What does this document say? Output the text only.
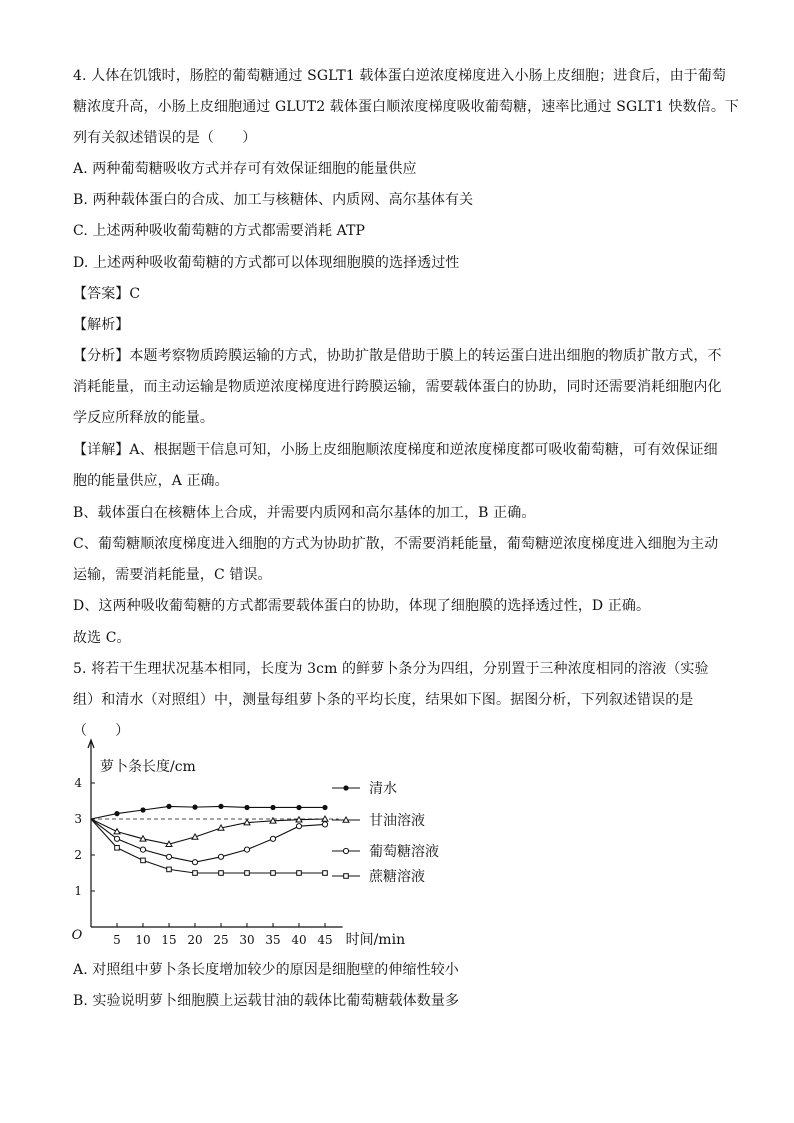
4. 人体在饥饿时，肠腔的葡萄糖通过 SGLT1 载体蛋白逆浓度梯度进入小肠上皮细胞；进食后，由于葡萄
糖浓度升高，小肠上皮细胞通过 GLUT2 载体蛋白顺浓度梯度吸收葡萄糖，速率比通过 SGLT1 快数倍。下
列有关叙述错误的是（　　）
A. 两种葡萄糖吸收方式并存可有效保证细胞的能量供应
B. 两种载体蛋白的合成、加工与核糖体、内质网、高尔基体有关
C. 上述两种吸收葡萄糖的方式都需要消耗 ATP
D. 上述两种吸收葡萄糖的方式都可以体现细胞膜的选择透过性
【答案】C
【解析】
【分析】本题考察物质跨膜运输的方式，协助扩散是借助于膜上的转运蛋白进出细胞的物质扩散方式，不
消耗能量，而主动运输是物质逆浓度梯度进行跨膜运输，需要载体蛋白的协助，同时还需要消耗细胞内化
学反应所释放的能量。
【详解】A、根据题干信息可知，小肠上皮细胞顺浓度梯度和逆浓度梯度都可吸收葡萄糖，可有效保证细
胞的能量供应，A 正确。
B、载体蛋白在核糖体上合成，并需要内质网和高尔基体的加工，B 正确。
C、葡萄糖顺浓度梯度进入细胞的方式为协助扩散，不需要消耗能量，葡萄糖逆浓度梯度进入细胞为主动
运输，需要消耗能量，C 错误。
D、这两种吸收葡萄糖的方式都需要载体蛋白的协助，体现了细胞膜的选择透过性，D 正确。
故选 C。
5. 将若干生理状况基本相同，长度为 3cm 的鲜萝卜条分为四组，分别置于三种浓度相同的溶液（实验
组）和清水（对照组）中，测量每组萝卜条的平均长度，结果如下图。据图分析，下列叙述错误的是
（　　）
O
萝卜条长度/cm
时间/min
5 10 15 20 25 30 35 40 45
1
2
3
4	清水
甘油溶液
葡萄糖溶液
蔗糖溶液
A. 对照组中萝卜条长度增加较少的原因是细胞壁的伸缩性较小
B. 实验说明萝卜细胞膜上运载甘油的载体比葡萄糖载体数量多
